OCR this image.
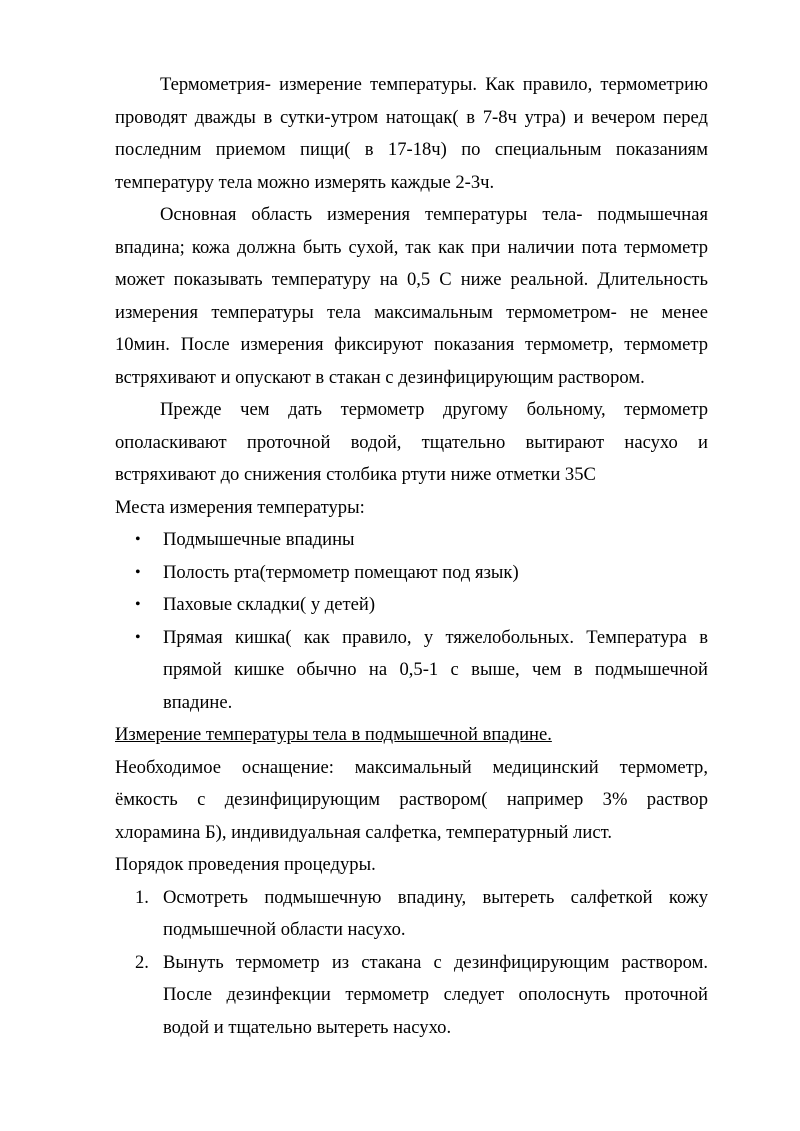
Термометрия- измерение температуры. Как правило, термометрию проводят дважды в сутки-утром натощак( в 7-8ч утра) и вечером перед последним приемом пищи( в 17-18ч) по специальным показаниям температуру тела можно измерять каждые 2-3ч.

Основная область измерения температуры тела- подмышечная впадина; кожа должна быть сухой, так как при наличии пота термометр может показывать температуру на 0,5 С ниже реальной. Длительность измерения температуры тела максимальным термометром- не менее 10мин. После измерения фиксируют показания термометр, термометр встряхивают и опускают в стакан с дезинфицирующим раствором.

Прежде чем дать термометр другому больному, термометр ополаскивают проточной водой, тщательно вытирают насухо и встряхивают до снижения столбика ртути ниже отметки 35С

Места измерения температуры:

• Подмышечные впадины
• Полость рта(термометр помещают под язык)
• Паховые складки( у детей)
• Прямая кишка( как правило, у тяжелобольных. Температура в прямой кишке обычно на 0,5-1 с выше, чем в подмышечной впадине.

Измерение температуры тела в подмышечной впадине.

Необходимое оснащение: максимальный медицинский термометр, ёмкость с дезинфицирующим раствором( например 3% раствор хлорамина Б), индивидуальная салфетка, температурный лист.

Порядок проведения процедуры.

1. Осмотреть подмышечную впадину, вытереть салфеткой кожу подмышечной области насухо.
2. Вынуть термометр из стакана с дезинфицирующим раствором. После дезинфекции термометр следует ополоснуть проточной водой и тщательно вытереть насухо.
